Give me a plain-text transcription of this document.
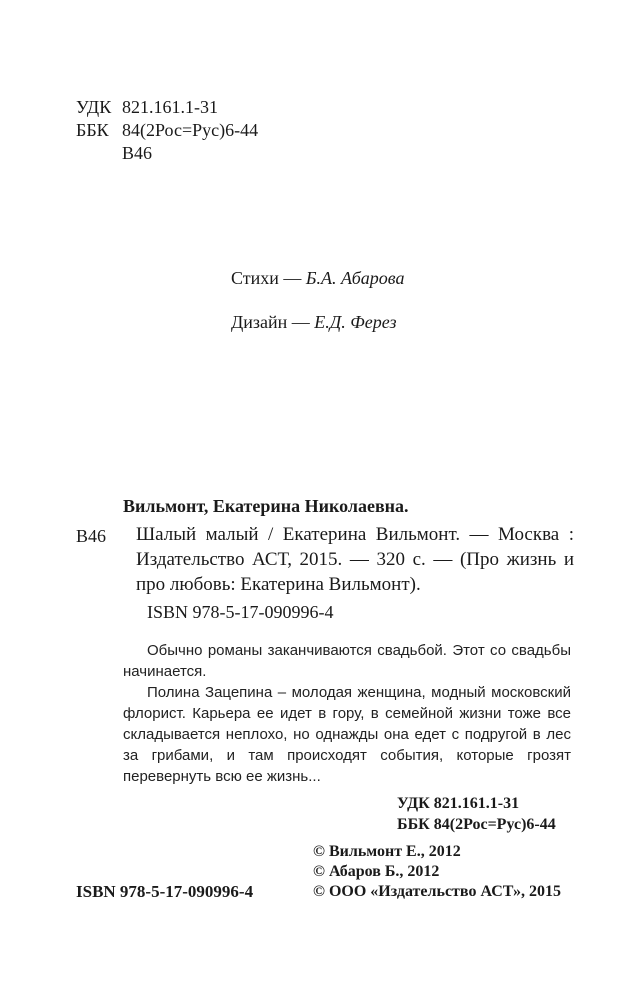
УДК 821.161.1-31
ББК 84(2Рос=Рус)6-44
В46
Стихи — Б.А. Абарова
Дизайн — Е.Д. Ферез
Вильмонт, Екатерина Николаевна.
В46 Шалый малый / Екатерина Вильмонт. — Москва : Издательство АСТ, 2015. — 320 с. — (Про жизнь и про любовь: Екатерина Вильмонт).
ISBN 978-5-17-090996-4

Обычно романы заканчиваются свадьбой. Этот со свадьбы начинается.

Полина Зацепина – молодая женщина, модный московский флорист. Карьера ее идет в гору, в семейной жизни тоже все складывается неплохо, но однажды она едет с подругой в лес за грибами, и там происходят события, которые грозят перевернуть всю ее жизнь...

УДК 821.161.1-31
ББК 84(2Рос=Рус)6-44
© Вильмонт Е., 2012
© Абаров Б., 2012
© ООО «Издательство АСТ», 2015
ISBN 978-5-17-090996-4
